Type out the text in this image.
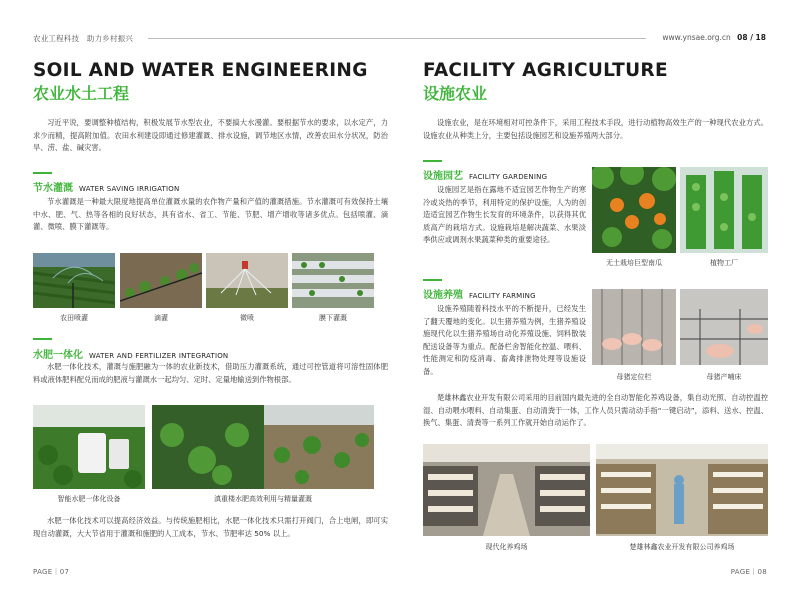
农业工程科技　助力乡村振兴	www.ynsae.org.cn 08 / 18
SOIL AND WATER ENGINEERING
农业水土工程
习近平说，要调整种植结构，积极发展节水型农业，不要搞大水漫灌。要根据节水的要求，以水定产，力求少而精，提高附加值。农田水利建设即通过修建灌溉、排水设施，调节地区水情，改善农田水分状况，防治旱、涝、盐、碱灾害。
节水灌溉 WATER SAVING IRRIGATION
节水灌溉是一种最大限度地提高单位灌溉水量的农作物产量和产值的灌溉措施。节水灌溉可有效保持土壤中水、肥、气、热等各相的良好状态，具有省水、省工、节能、节肥、增产增收等诸多优点。包括喷灌、滴灌、微喷、膜下灌溉等。
农田喷灌	滴灌	微喷	膜下灌溉
水肥一体化 WATER AND FERTILIZER INTEGRATION
水肥一体化技术，灌溉与施肥融为一体的农业新技术，借助压力灌溉系统，通过可控管道将可溶性固体肥料或液体肥料配兑而成的肥液与灌溉水一起均匀、定时、定量地输送到作物根部。
智能水肥一体化设备	滇重楼水肥高效利用与精量灌溉
水肥一体化技术可以提高经济效益。与传统施肥相比，水肥一体化技术只需打开阀门，合上电闸，即可实现自动灌溉，大大节省用于灌溉和施肥的人工成本，节水、节肥率达 50% 以上。
PAGE｜07
FACILITY AGRICULTURE
设施农业
设施农业，是在环境相对可控条件下，采用工程技术手段，进行动植物高效生产的一种现代农业方式。设施农业从种类上分，主要包括设施园艺和设施养殖两大部分。
设施园艺 FACILITY GARDENING
设施园艺是指在露地不适宜园艺作物生产的寒冷或炎热的季节，利用特定的保护设施，人为的创造适宜园艺作物生长发育的环境条件，以获得其优质高产的栽培方式。设施栽培是解决蔬菜、水果淡季供应或调剂水果蔬菜种类的重要途径。
无土栽培巨型南瓜	植物工厂
设施养殖 FACILITY FARMING
设施养殖随着科技水平的不断提升，已经发生了翻天覆地的变化。以生猪养殖为例，生猪养殖设施现代化以生猪养殖场自动化养殖设施、饲料散装配送设备等为重点。配备栏舍智能化控温、喂料、性能测定和防疫消毒、畜禽排泄物处理等设施设备。
母猪定位栏	母猪产哺床
楚雄林鑫农业开发有限公司采用的目前国内最先进的全自动智能化养鸡设备，集自动光照、自动控温控湿、自动喂水喂料、自动集蛋、自动清粪于一体，工作人员只需动动手指“一键启动”，添料、送水、控温、换气、集蛋、清粪等一系列工作就开始自动运作了。
现代化养鸡场	楚雄林鑫农业开发有限公司养鸡场
PAGE｜08
